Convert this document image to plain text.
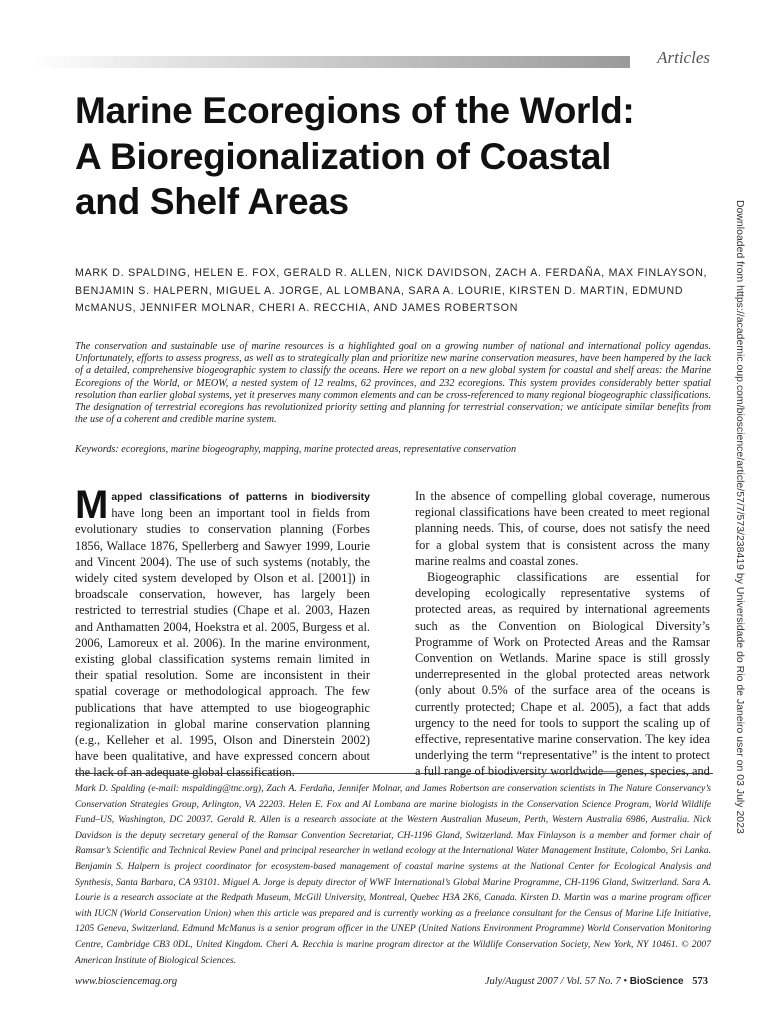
Articles
Marine Ecoregions of the World:
A Bioregionalization of Coastal
and Shelf Areas
MARK D. SPALDING, HELEN E. FOX, GERALD R. ALLEN, NICK DAVIDSON, ZACH A. FERDAÑA, MAX FINLAYSON,
BENJAMIN S. HALPERN, MIGUEL A. JORGE, AL LOMBANA, SARA A. LOURIE, KIRSTEN D. MARTIN, EDMUND
McMANUS, JENNIFER MOLNAR, CHERI A. RECCHIA, AND JAMES ROBERTSON
The conservation and sustainable use of marine resources is a highlighted goal on a growing number of national and international policy agendas. Unfortunately, efforts to assess progress, as well as to strategically plan and prioritize new marine conservation measures, have been hampered by the lack of a detailed, comprehensive biogeographic system to classify the oceans. Here we report on a new global system for coastal and shelf areas: the Marine Ecoregions of the World, or MEOW, a nested system of 12 realms, 62 provinces, and 232 ecoregions. This system provides considerably better spatial resolution than earlier global systems, yet it preserves many common elements and can be cross-referenced to many regional biogeographic classifications. The designation of terrestrial ecoregions has revolutionized priority setting and planning for terrestrial conservation; we anticipate similar benefits from the use of a coherent and credible marine system.
Keywords: ecoregions, marine biogeography, mapping, marine protected areas, representative conservation

Mapped classifications of patterns in biodiversity have long been an important tool in fields from evolutionary studies to conservation planning (Forbes 1856, Wallace 1876, Spellerberg and Sawyer 1999, Lourie and Vincent 2004). The use of such systems (notably, the widely cited system developed by Olson et al. [2001]) in broadscale conservation, however, has largely been restricted to terrestrial studies (Chape et al. 2003, Hazen and Anthamatten 2004, Hoekstra et al. 2005, Burgess et al. 2006, Lamoreux et al. 2006). In the marine environment, existing global classification systems remain limited in their spatial resolution. Some are inconsistent in their spatial coverage or methodological approach. The few publications that have attempted to use biogeographic regionalization in global marine conservation planning (e.g., Kelleher et al. 1995, Olson and Dinerstein 2002) have been qualitative, and have expressed concern about the lack of an adequate global classification.

In the absence of compelling global coverage, numerous regional classifications have been created to meet regional planning needs. This, of course, does not satisfy the need for a global system that is consistent across the many marine realms and coastal zones.

Biogeographic classifications are essential for developing ecologically representative systems of protected areas, as required by international agreements such as the Convention on Biological Diversity’s Programme of Work on Protected Areas and the Ramsar Convention on Wetlands. Marine space is still grossly underrepresented in the global protected areas network (only about 0.5% of the surface area of the oceans is currently protected; Chape et al. 2005), a fact that adds urgency to the need for tools to support the scaling up of effective, representative marine conservation. The key idea underlying the term “representative” is the intent to protect a full range of biodiversity worldwide—genes, species, and

Mark D. Spalding (e-mail: mspalding@tnc.org), Zach A. Ferdaña, Jennifer Molnar, and James Robertson are conservation scientists in The Nature Conservancy’s Conservation Strategies Group, Arlington, VA 22203. Helen E. Fox and Al Lombana are marine biologists in the Conservation Science Program, World Wildlife Fund–US, Washington, DC 20037. Gerald R. Allen is a research associate at the Western Australian Museum, Perth, Western Australia 6986, Australia. Nick Davidson is the deputy secretary general of the Ramsar Convention Secretariat, CH-1196 Gland, Switzerland. Max Finlayson is a member and former chair of Ramsar’s Scientific and Technical Review Panel and principal researcher in wetland ecology at the International Water Management Institute, Colombo, Sri Lanka. Benjamin S. Halpern is project coordinator for ecosystem-based management of coastal marine systems at the National Center for Ecological Analysis and Synthesis, Santa Barbara, CA 93101. Miguel A. Jorge is deputy director of WWF International’s Global Marine Programme, CH-1196 Gland, Switzerland. Sara A. Lourie is a research associate at the Redpath Museum, McGill University, Montreal, Quebec H3A 2K6, Canada. Kirsten D. Martin was a marine program officer with IUCN (World Conservation Union) when this article was prepared and is currently working as a freelance consultant for the Census of Marine Life Initiative, 1205 Geneva, Switzerland. Edmund McManus is a senior program officer in the UNEP (United Nations Environment Programme) World Conservation Monitoring Centre, Cambridge CB3 0DL, United Kingdom. Cheri A. Recchia is marine program director at the Wildlife Conservation Society, New York, NY 10461. © 2007 American Institute of Biological Sciences.
www.biosciencemag.org	July/August 2007 / Vol. 57 No. 7 • BioScience 573
Downloaded from https://academic.oup.com/bioscience/article/57/7/573/238419 by Universidade do Rio de Janeiro user on 03 July 2023
